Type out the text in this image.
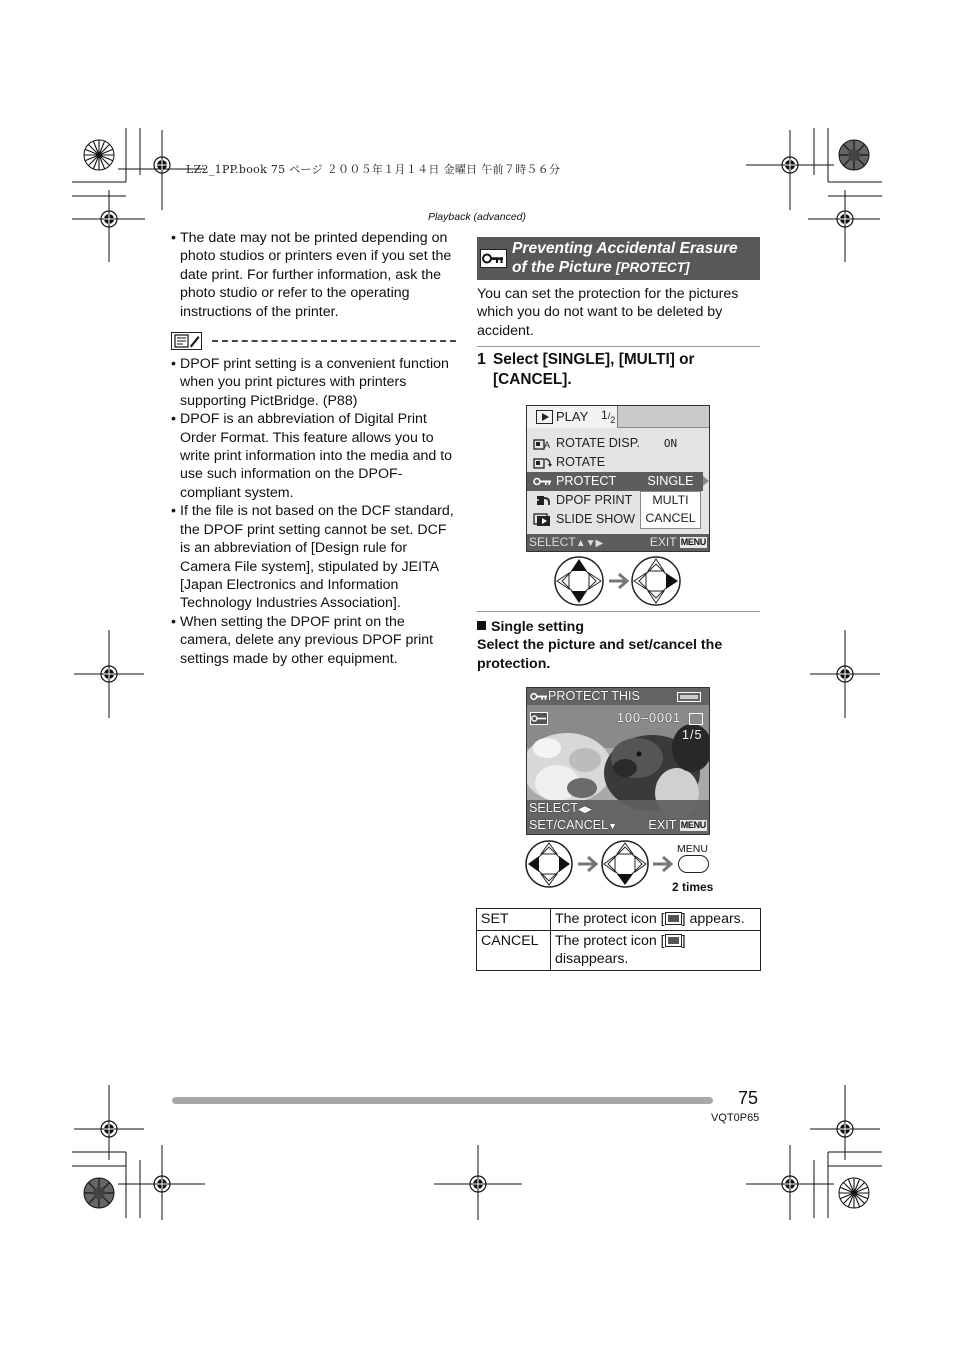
LZ2_1PP.book 75 ページ ２００５年１月１４日 金曜日 午前７時５６分
Playback (advanced)
• The date may not be printed depending on photo studios or printers even if you set the date print. For further information, ask the photo studio or refer to the operating instructions of the printer.
• DPOF print setting is a convenient function when you print pictures with printers supporting PictBridge. (P88)
• DPOF is an abbreviation of Digital Print Order Format. This feature allows you to write print information into the media and to use such information on the DPOF-compliant system.
• If the file is not based on the DCF standard, the DPOF print setting cannot be set. DCF is an abbreviation of [Design rule for Camera File system], stipulated by JEITA [Japan Electronics and Information Technology Industries Association].
• When setting the DPOF print on the camera, delete any previous DPOF print settings made by other equipment.
Preventing Accidental Erasure
of the Picture [PROTECT]
You can set the protection for the pictures which you do not want to be deleted by accident.
1 Select [SINGLE], [MULTI] or [CANCEL].
PLAY $1/_2$
A ROTATE DISP.
ROTATE
PROTECT	SINGLE
DPOF PRINT
SLIDE SHOW
ON
MULTI
CANCEL
SELECT▲▼▶	EXIT MENU
Single setting
Select the picture and set/cancel the protection.
PROTECT THIS
100–0001
1/5
SELECT◀▶
SET/CANCEL▼ EXIT MENU
MENU
2 times
SET	The protect icon [ ] appears.
CANCEL	The protect icon [ ] disappears.
75
VQT0P65
